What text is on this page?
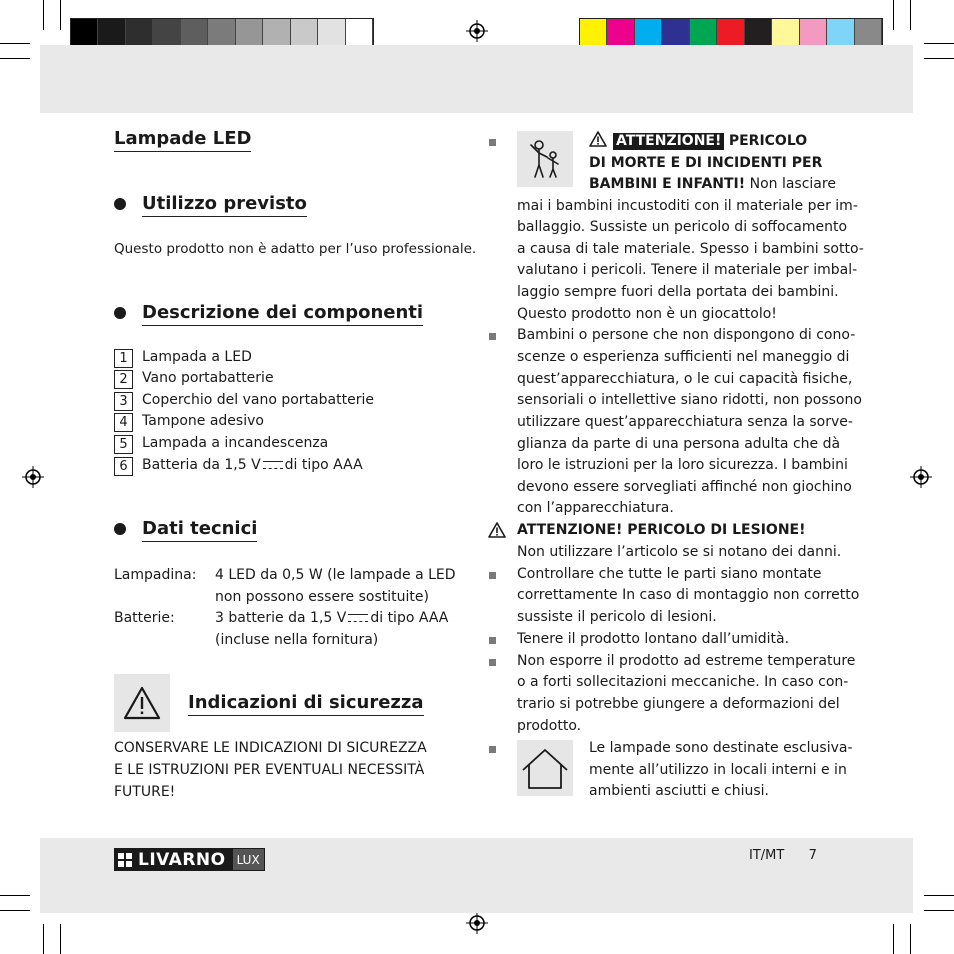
Lampade LED
Utilizzo previsto
Questo prodotto non è adatto per l’uso professionale.
Descrizione dei componenti
1	Lampada a LED
2	Vano portabatterie
3	Coperchio del vano portabatterie
4	Tampone adesivo
5	Lampada a incandescenza
6	Batteria da 1,5 V di tipo AAA
Dati tecnici
Lampadina: 4 LED da 0,5 W (le lampade a LED
non possono essere sostituite)
Batterie:	3 batterie da 1,5 V di tipo AAA
(incluse nella fornitura)
Indicazioni di sicurezza
CONSERVARE LE INDICAZIONI DI SICUREZZA
E LE ISTRUZIONI PER EVENTUALI NECESSITÀ
FUTURE!
ATTENZIONE! PERICOLO
DI MORTE E DI INCIDENTI PER
BAMBINI E INFANTI! Non lasciare
mai i bambini incustoditi con il materiale per im-
ballaggio. Sussiste un pericolo di soffocamento
a causa di tale materiale. Spesso i bambini sotto-
valutano i pericoli. Tenere il materiale per imbal-
laggio sempre fuori della portata dei bambini.
Questo prodotto non è un giocattolo!
Bambini o persone che non dispongono di cono-
scenze o esperienza sufficienti nel maneggio di
quest’apparecchiatura, o le cui capacità fisiche,
sensoriali o intellettive siano ridotti, non possono
utilizzare quest’apparecchiatura senza la sorve-
glianza da parte di una persona adulta che dà
loro le istruzioni per la loro sicurezza. I bambini
devono essere sorvegliati affinché non giochino
con l’apparecchiatura.
ATTENZIONE! PERICOLO DI LESIONE!
Non utilizzare l’articolo se si notano dei danni.
Controllare che tutte le parti siano montate
correttamente In caso di montaggio non corretto
sussiste il pericolo di lesioni.
Tenere il prodotto lontano dall’umidità.
Non esporre il prodotto ad estreme temperature
o a forti sollecitazioni meccaniche. In caso con-
trario si potrebbe giungere a deformazioni del
prodotto.
Le lampade sono destinate esclusiva-
mente all’utilizzo in locali interni e in
ambienti asciutti e chiusi.
LIVARNO LUX	IT/MT 7
